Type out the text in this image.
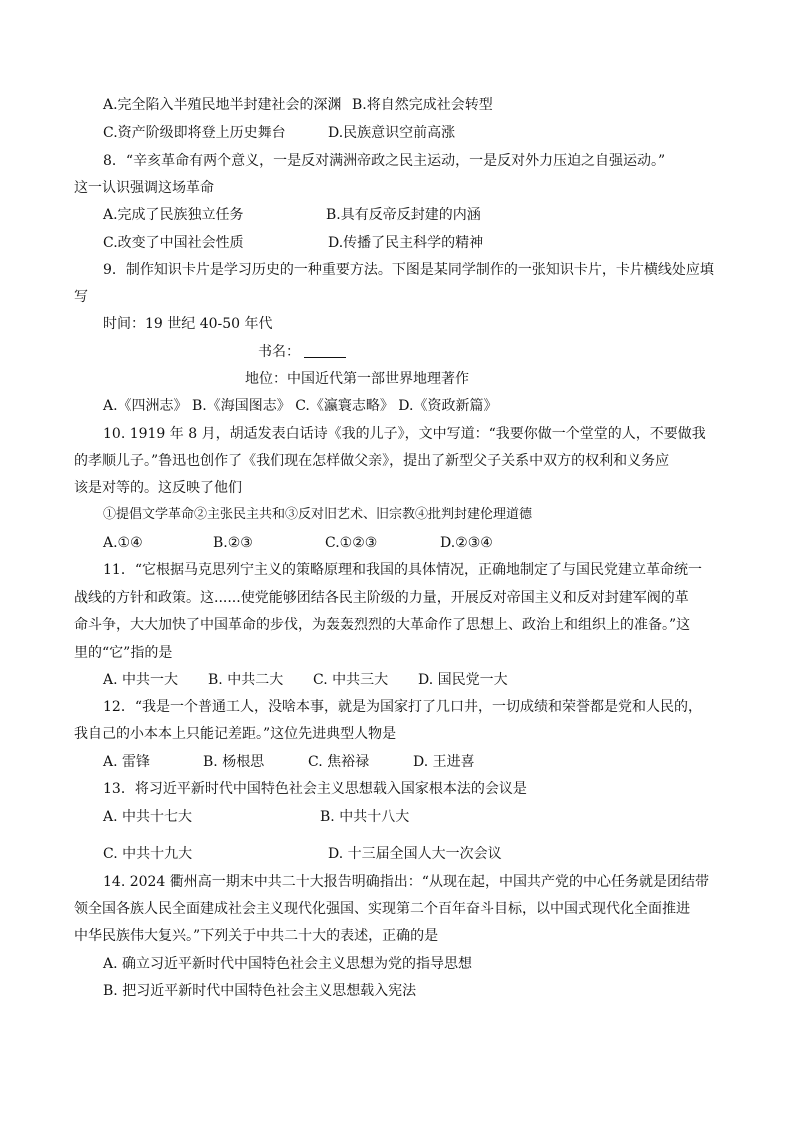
A.完全陷入半殖民地半封建社会的深渊 B.将自然完成社会转型
C.资产阶级即将登上历史舞台	D.民族意识空前高涨
8．“辛亥革命有两个意义，一是反对满洲帝政之民主运动，一是反对外力压迫之自强运动。”
这一认识强调这场革命
A.完成了民族独立任务	B.具有反帝反封建的内涵
C.改变了中国社会性质	D.传播了民主科学的精神
9．制作知识卡片是学习历史的一种重要方法。下图是某同学制作的一张知识卡片，卡片横线处应填
写
时间：19 世纪 40-50 年代
书名：
地位：中国近代第一部世界地理著作
A.《四洲志》 B.《海国图志》 C.《瀛寰志略》 D.《资政新篇》
10. 1919 年 8 月，胡适发表白话诗《我的儿子》，文中写道：“我要你做一个堂堂的人，不要做我
的孝顺儿子。”鲁迅也创作了《我们现在怎样做父亲》，提出了新型父子关系中双方的权利和义务应
该是对等的。这反映了他们
①提倡文学革命②主张民主共和③反对旧艺术、旧宗教④批判封建伦理道德
A.①④	B.②③	C.①②③	D.②③④
11．“它根据马克思列宁主义的策略原理和我国的具体情况，正确地制定了与国民党建立革命统一
战线的方针和政策。这......使党能够团结各民主阶级的力量，开展反对帝国主义和反对封建军阀的革
命斗争，大大加快了中国革命的步伐，为轰轰烈烈的大革命作了思想上、政治上和组织上的准备。”这
里的“它”指的是
A. 中共一大 B. 中共二大 C. 中共三大 D. 国民党一大
12．“我是一个普通工人，没啥本事，就是为国家打了几口井，一切成绩和荣誉都是党和人民的，
我自己的小本本上只能记差距。”这位先进典型人物是
A. 雷锋	B. 杨根思	C. 焦裕禄	D. 王进喜
13．将习近平新时代中国特色社会主义思想载入国家根本法的会议是
A. 中共十七大	B. 中共十八大
C. 中共十九大	D. 十三届全国人大一次会议
14. 2024 衢州高一期末中共二十大报告明确指出：“从现在起，中国共产党的中心任务就是团结带
领全国各族人民全面建成社会主义现代化强国、实现第二个百年奋斗目标，以中国式现代化全面推进
中华民族伟大复兴。”下列关于中共二十大的表述，正确的是
A. 确立习近平新时代中国特色社会主义思想为党的指导思想
B. 把习近平新时代中国特色社会主义思想载入宪法
